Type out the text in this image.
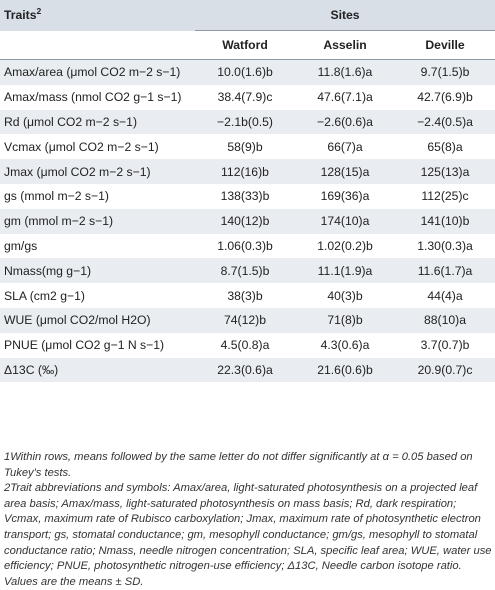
Traits$^2$	Sites		
	Watford	Asselin	Deville
Amax/area (μmol CO2 m−2 s−1)	10.0(1.6)b	11.8(1.6)a	9.7(1.5)b
Amax/mass (nmol CO2 g−1 s−1)	38.4(7.9)c	47.6(7.1)a	42.7(6.9)b
Rd (μmol CO2 m−2 s−1)	−2.1b(0.5)	−2.6(0.6)a	−2.4(0.5)a
Vcmax (μmol CO2 m−2 s−1)	58(9)b	66(7)a	65(8)a
Jmax (μmol CO2 m−2 s−1)	112(16)b	128(15)a	125(13)a
gs (mmol m−2 s−1)	138(33)b	169(36)a	112(25)c
gm (mmol m−2 s−1)	140(12)b	174(10)a	141(10)b
gm/gs	1.06(0.3)b	1.02(0.2)b	1.30(0.3)a
Nmass(mg g−1)	8.7(1.5)b	11.1(1.9)a	11.6(1.7)a
SLA (cm2 g−1)	38(3)b	40(3)b	44(4)a
WUE (μmol CO2/mol H2O)	74(12)b	71(8)b	88(10)a
PNUE (μmol CO2 g−1 N s−1)	4.5(0.8)a	4.3(0.6)a	3.7(0.7)b
Δ13C (‰)	22.3(0.6)a	21.6(0.6)b	20.9(0.7)c

1Within rows, means followed by the same letter do not differ significantly at α = 0.05 based on Tukey's tests.

2Trait abbreviations and symbols: Amax/area, light-saturated photosynthesis on a projected leaf area basis; Amax/mass, light-saturated photosynthesis on mass basis; Rd, dark respiration; Vcmax, maximum rate of Rubisco carboxylation; Jmax, maximum rate of photosynthetic electron transport; gs, stomatal conductance; gm, mesophyll conductance; gm/gs, mesophyll to stomatal conductance ratio; Nmass, needle nitrogen concentration; SLA, specific leaf area; WUE, water use efficiency; PNUE, photosynthetic nitrogen-use efficiency; Δ13C, Needle carbon isotope ratio. Values are the means ± SD.
